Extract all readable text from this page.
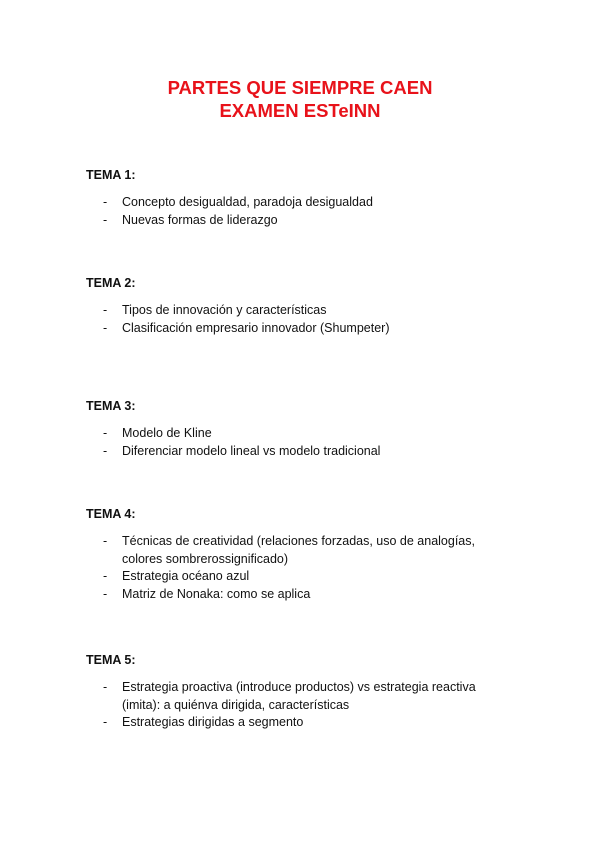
PARTES QUE SIEMPRE CAEN
EXAMEN ESTeINN

TEMA 1:

- Concepto desigualdad, paradoja desigualdad
- Nuevas formas de liderazgo

TEMA 2:

- Tipos de innovación y características
- Clasificación empresario innovador (Shumpeter)

TEMA 3:

- Modelo de Kline
- Diferenciar modelo lineal vs modelo tradicional

TEMA 4:

- Técnicas de creatividad (relaciones forzadas, uso de analogías, colores sombrerossignificado)
- Estrategia océano azul
- Matriz de Nonaka: como se aplica

TEMA 5:

- Estrategia proactiva (introduce productos) vs estrategia reactiva (imita): a quiénva dirigida, características
- Estrategias dirigidas a segmento
